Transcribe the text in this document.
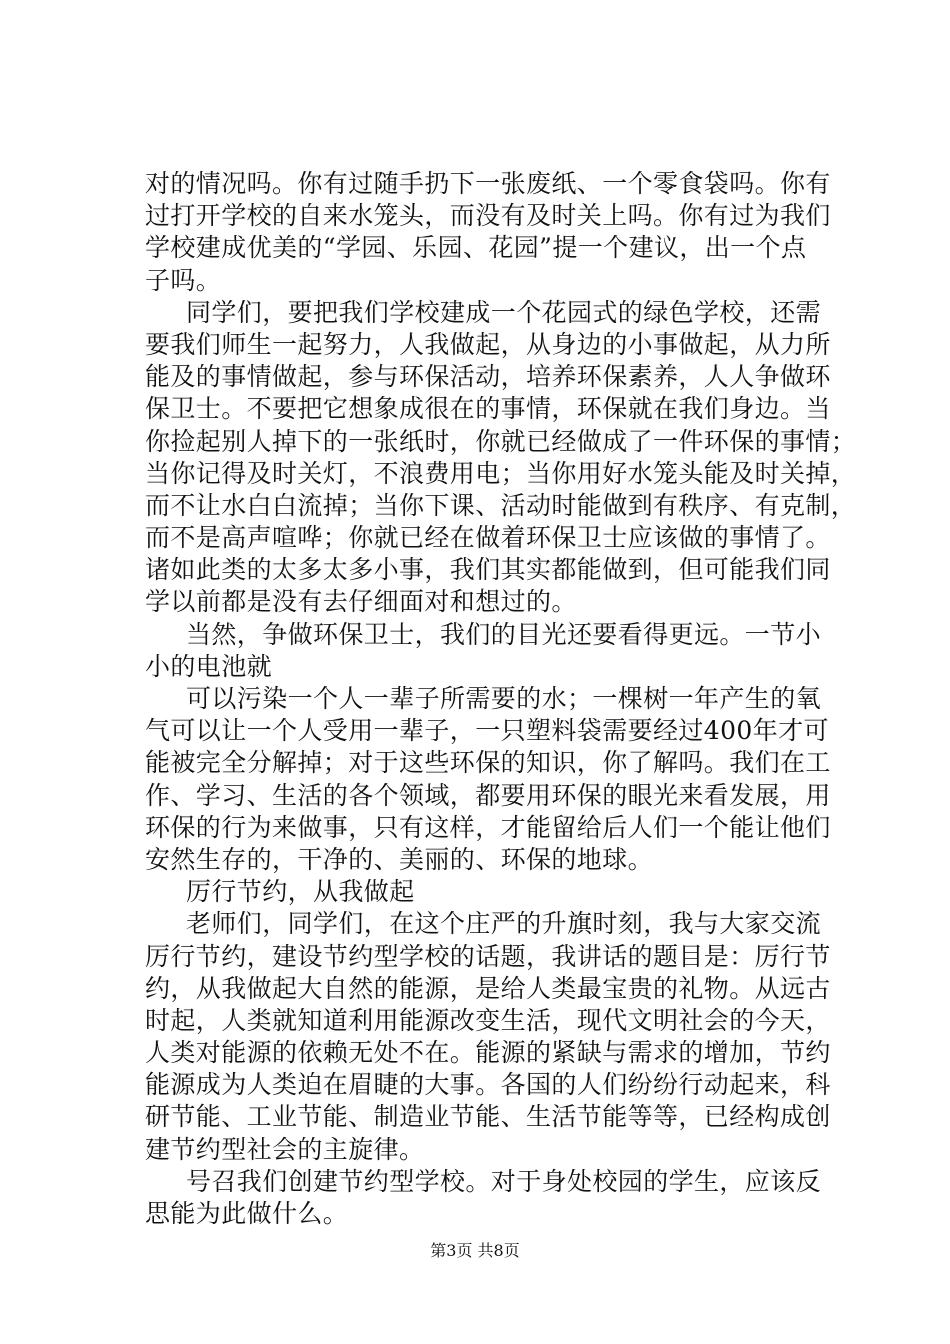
对的情况吗。你有过随手扔下一张废纸、一个零食袋吗。你有
过打开学校的自来水笼头，而没有及时关上吗。你有过为我们
学校建成优美的“学园、乐园、花园”提一个建议，出一个点
子吗。
同学们，要把我们学校建成一个花园式的绿色学校，还需
要我们师生一起努力，人我做起，从身边的小事做起，从力所
能及的事情做起，参与环保活动，培养环保素养，人人争做环
保卫士。不要把它想象成很在的事情，环保就在我们身边。当
你捡起别人掉下的一张纸时，你就已经做成了一件环保的事情；
当你记得及时关灯，不浪费用电；当你用好水笼头能及时关掉，
而不让水白白流掉；当你下课、活动时能做到有秩序、有克制，
而不是高声喧哗；你就已经在做着环保卫士应该做的事情了。
诸如此类的太多太多小事，我们其实都能做到，但可能我们同
学以前都是没有去仔细面对和想过的。
当然，争做环保卫士，我们的目光还要看得更远。一节小
小的电池就
可以污染一个人一辈子所需要的水；一棵树一年产生的氧
气可以让一个人受用一辈子，一只塑料袋需要经过400年才可
能被完全分解掉；对于这些环保的知识，你了解吗。我们在工
作、学习、生活的各个领域，都要用环保的眼光来看发展，用
环保的行为来做事，只有这样，才能留给后人们一个能让他们
安然生存的，干净的、美丽的、环保的地球。
厉行节约，从我做起
老师们，同学们，在这个庄严的升旗时刻，我与大家交流
厉行节约，建设节约型学校的话题，我讲话的题目是：厉行节
约，从我做起大自然的能源，是给人类最宝贵的礼物。从远古
时起，人类就知道利用能源改变生活，现代文明社会的今天，
人类对能源的依赖无处不在。能源的紧缺与需求的增加，节约
能源成为人类迫在眉睫的大事。各国的人们纷纷行动起来，科
研节能、工业节能、制造业节能、生活节能等等，已经构成创
建节约型社会的主旋律。
号召我们创建节约型学校。对于身处校园的学生，应该反
思能为此做什么。
第3页 共8页
